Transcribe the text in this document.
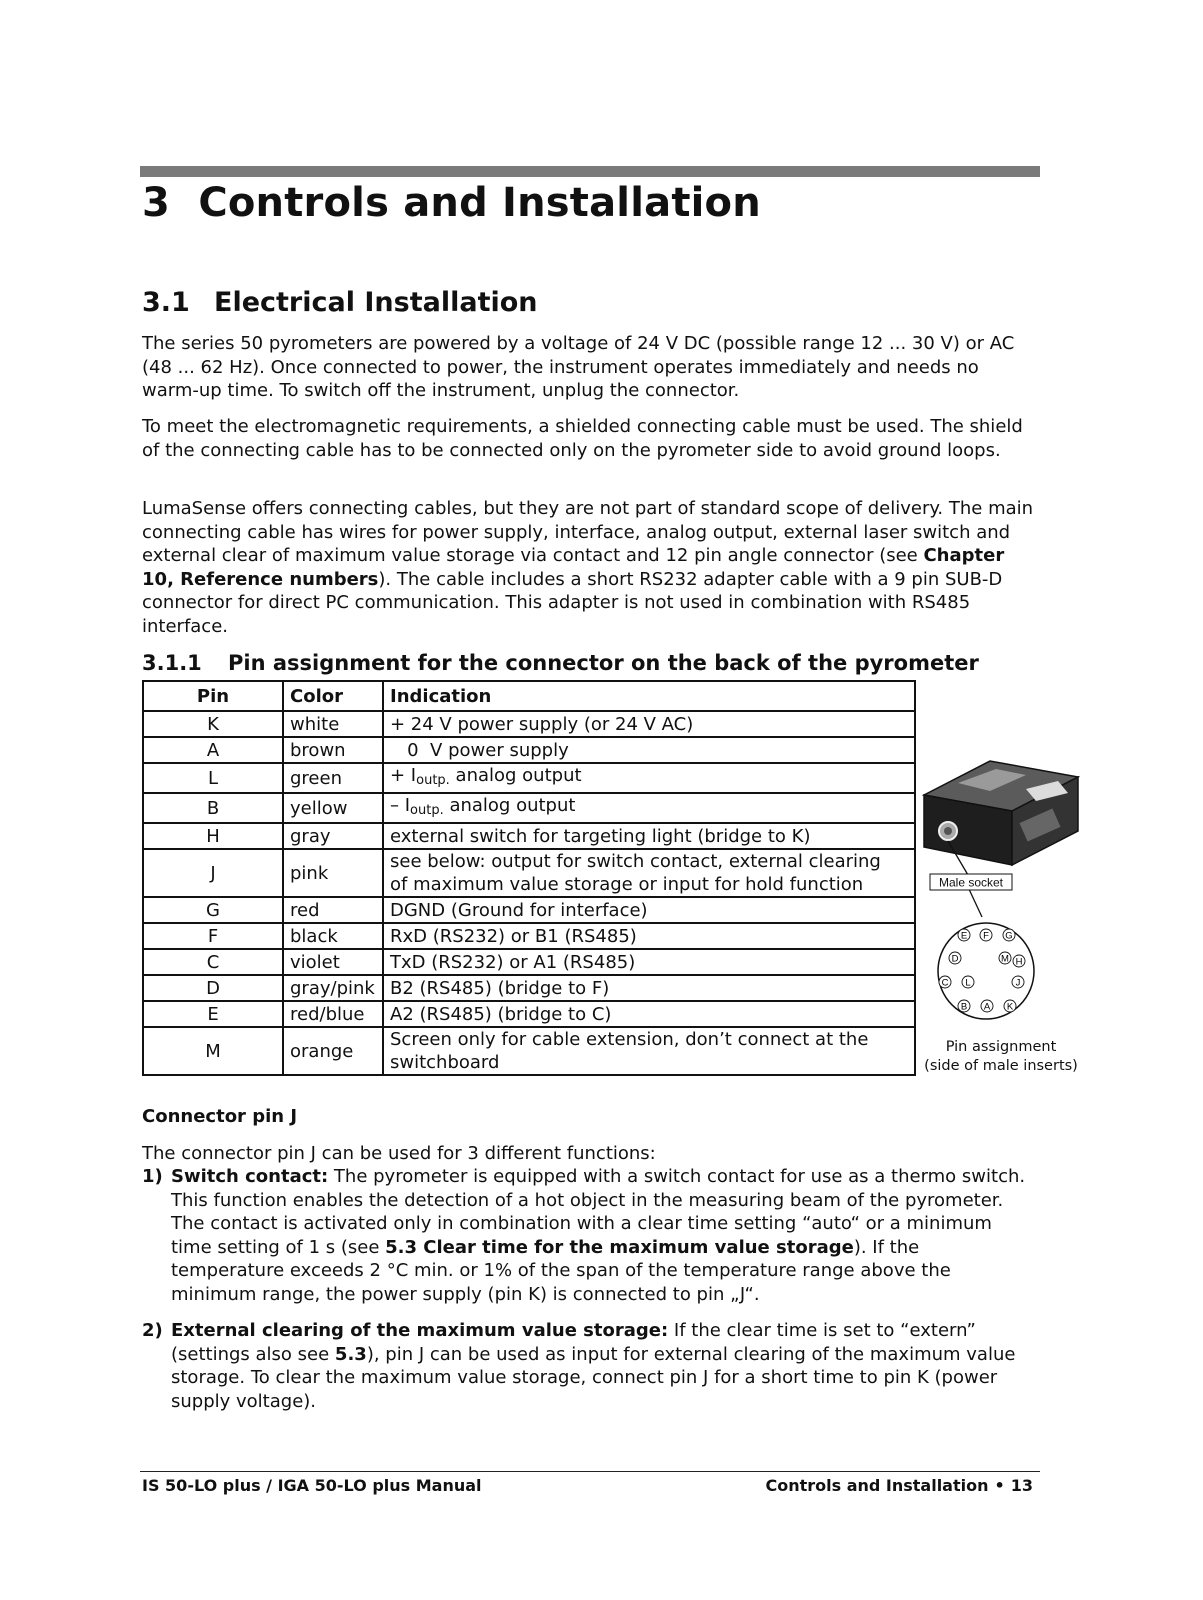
3 Controls and Installation
3.1 Electrical Installation

The series 50 pyrometers are powered by a voltage of 24 V DC (possible range 12 ... 30 V) or AC (48 ... 62 Hz). Once connected to power, the instrument operates immediately and needs no warm-up time. To switch off the instrument, unplug the connector.

To meet the electromagnetic requirements, a shielded connecting cable must be used. The shield of the connecting cable has to be connected only on the pyrometer side to avoid ground loops.

LumaSense offers connecting cables, but they are not part of standard scope of delivery. The main connecting cable has wires for power supply, interface, analog output, external laser switch and external clear of maximum value storage via contact and 12 pin angle connector (see Chapter 10, Reference numbers). The cable includes a short RS232 adapter cable with a 9 pin SUB-D connector for direct PC communication. This adapter is not used in combination with RS485 interface.

3.1.1 Pin assignment for the connector on the back of the pyrometer
Pin	Color	Indication
K	white	+ 24 V power supply (or 24 V AC)
A	brown	0  V power supply
L	green	+ $I_{outp.}$ analog output
B	yellow	– $I_{outp.}$ analog output
H	gray	external switch for targeting light (bridge to K)
J	pink	see below: output for switch contact, external clearing
of maximum value storage or input for hold function

G	red	DGND (Ground for interface)
F	black	RxD (RS232) or B1 (RS485)
C	violet	TxD (RS232) or A1 (RS485)
D	gray/pink	B2 (RS485) (bridge to F)
E	red/blue	A2 (RS485) (bridge to C)
M	orange	Screen only for cable extension, don’t connect at the
switchboard
Male socket
E F G
D	M H
C L	J
B A K
Pin assignment
(side of male inserts)
Connector pin J

The connector pin J can be used for 3 different functions:

1) Switch contact: The pyrometer is equipped with a switch contact for use as a thermo switch. This function enables the detection of a hot object in the measuring beam of the pyrometer. The contact is activated only in combination with a clear time setting “auto“ or a minimum time setting of 1 s (see 5.3 Clear time for the maximum value storage). If the temperature exceeds 2 °C min. or 1% of the span of the temperature range above the minimum range, the power supply (pin K) is connected to pin „J“.
2) External clearing of the maximum value storage: If the clear time is set to “extern” (settings also see 5.3), pin J can be used as input for external clearing of the maximum value storage. To clear the maximum value storage, connect pin J for a short time to pin K (power supply voltage).
IS 50-LO plus / IGA 50-LO plus Manual	Controls and Installation • 13
